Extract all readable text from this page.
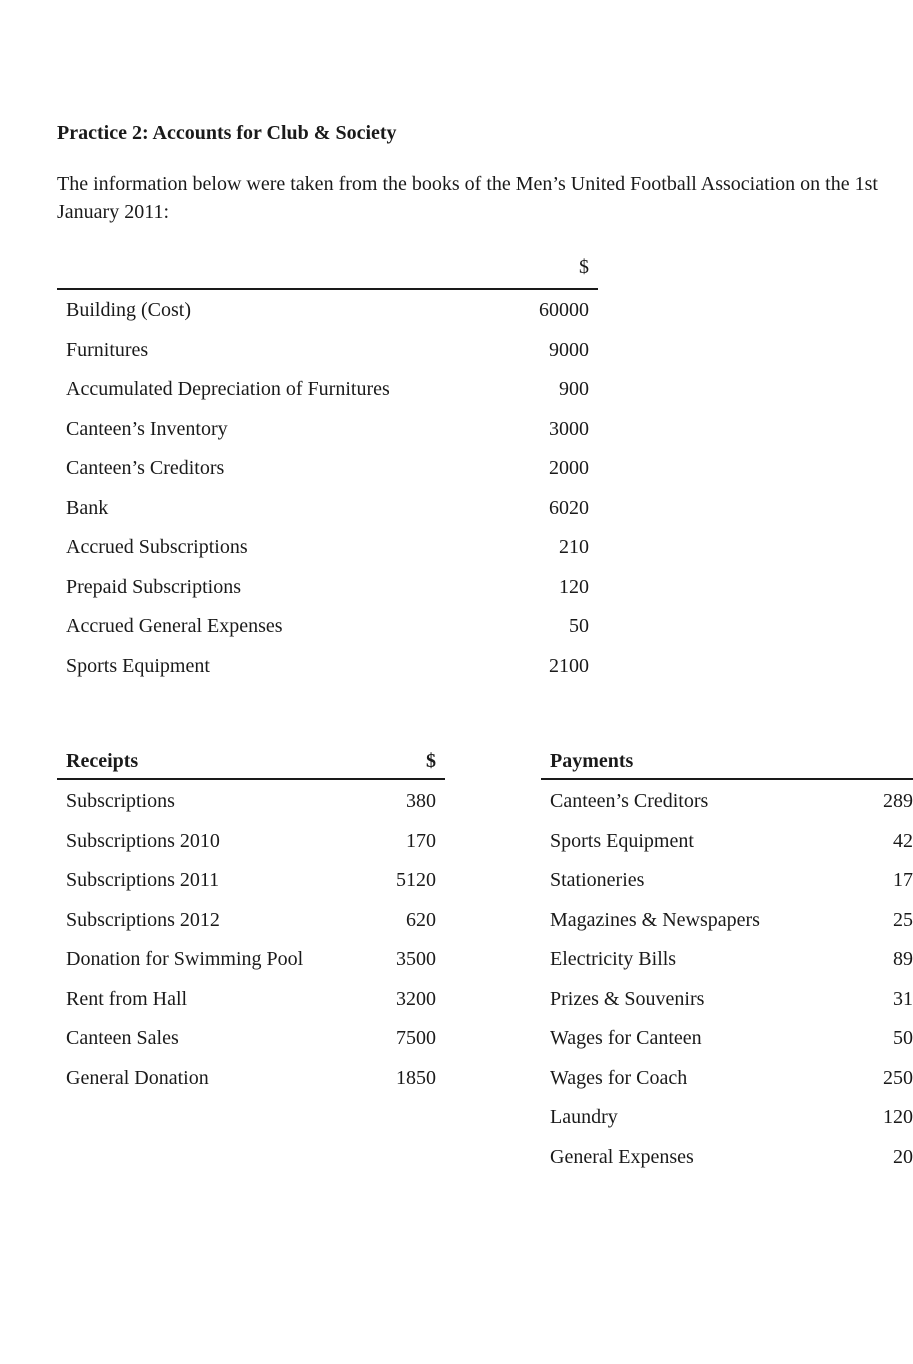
Practice 2: Accounts for Club & Society

The information below were taken from the books of the Men’s United Football Association on the 1st January 2011:

$
Building (Cost)	60000
Furnitures	9000
Accumulated Depreciation of Furnitures	900
Canteen’s Inventory	3000
Canteen’s Creditors	2000
Bank	6020
Accrued Subscriptions	210
Prepaid Subscriptions	120
Accrued General Expenses	50
Sports Equipment	2100
Receipts	$
Subscriptions	380
Subscriptions 2010	170
Subscriptions 2011	5120
Subscriptions 2012	620
Donation for Swimming Pool	3500
Rent from Hall	3200
Canteen Sales	7500
General Donation	1850
Payments
Canteen’s Creditors	289
Sports Equipment	42
Stationeries	17
Magazines & Newspapers	25
Electricity Bills	89
Prizes & Souvenirs	31
Wages for Canteen	50
Wages for Coach	250
Laundry	120
General Expenses	20
